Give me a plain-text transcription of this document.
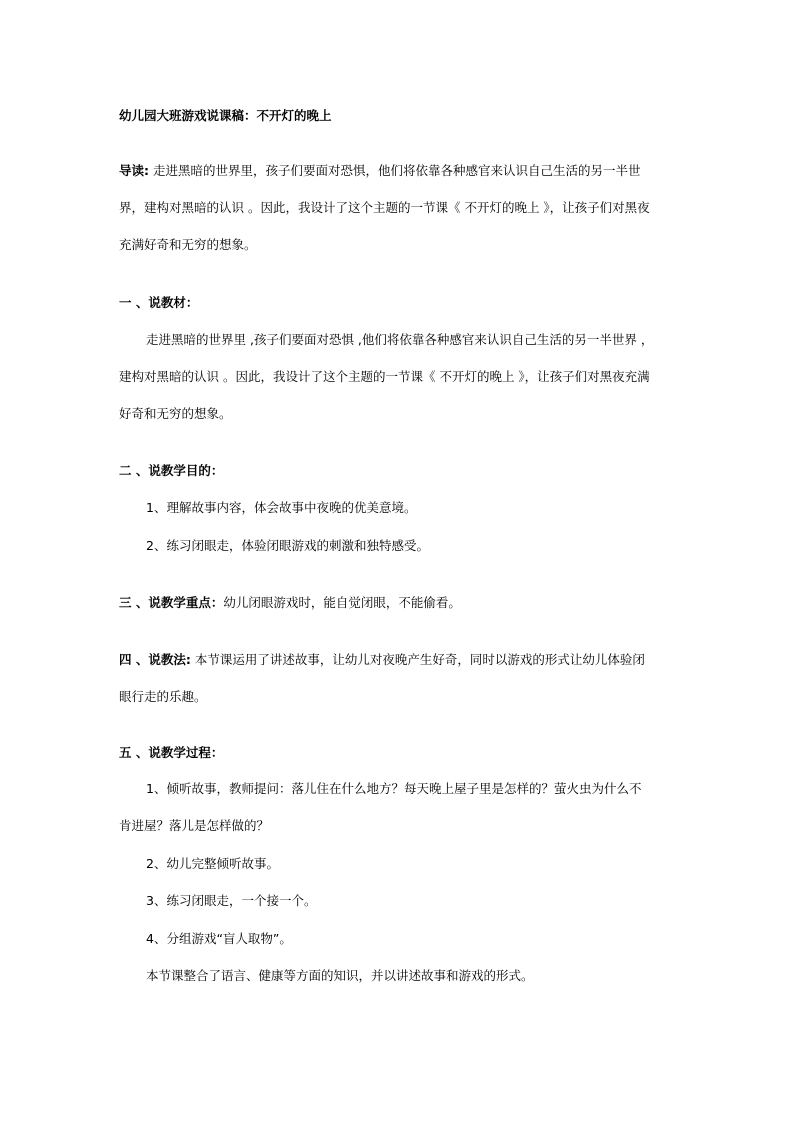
幼儿园大班游戏说课稿：不开灯的晚上
导读: 走进黑暗的世界里，孩子们要面对恐惧，他们将依靠各种感官来认识自己生活的另一半世
界，建构对黑暗的认识 。因此，我设计了这个主题的一节课《 不开灯的晚上 》，让孩子们对黑夜
充满好奇和无穷的想象。
一 、说教材：
走进黑暗的世界里 ,孩子们要面对恐惧 ,他们将依靠各种感官来认识自己生活的另一半世界 ，
建构对黑暗的认识 。因此，我设计了这个主题的一节课《 不开灯的晚上 》，让孩子们对黑夜充满
好奇和无穷的想象。
二 、说教学目的：
1、理解故事内容，体会故事中夜晚的优美意境。
2、练习闭眼走，体验闭眼游戏的刺激和独特感受。
三 、说教学重点：幼儿闭眼游戏时，能自觉闭眼，不能偷看。
四 、说教法: 本节课运用了讲述故事，让幼儿对夜晚产生好奇，同时以游戏的形式让幼儿体验闭
眼行走的乐趣。
五 、说教学过程：
1、倾听故事，教师提问：落儿住在什么地方？每天晚上屋子里是怎样的？萤火虫为什么不
肯进屋？落儿是怎样做的？
2、幼儿完整倾听故事。
3、练习闭眼走，一个接一个。
4、分组游戏“盲人取物”。
本节课整合了语言、健康等方面的知识，并以讲述故事和游戏的形式。
